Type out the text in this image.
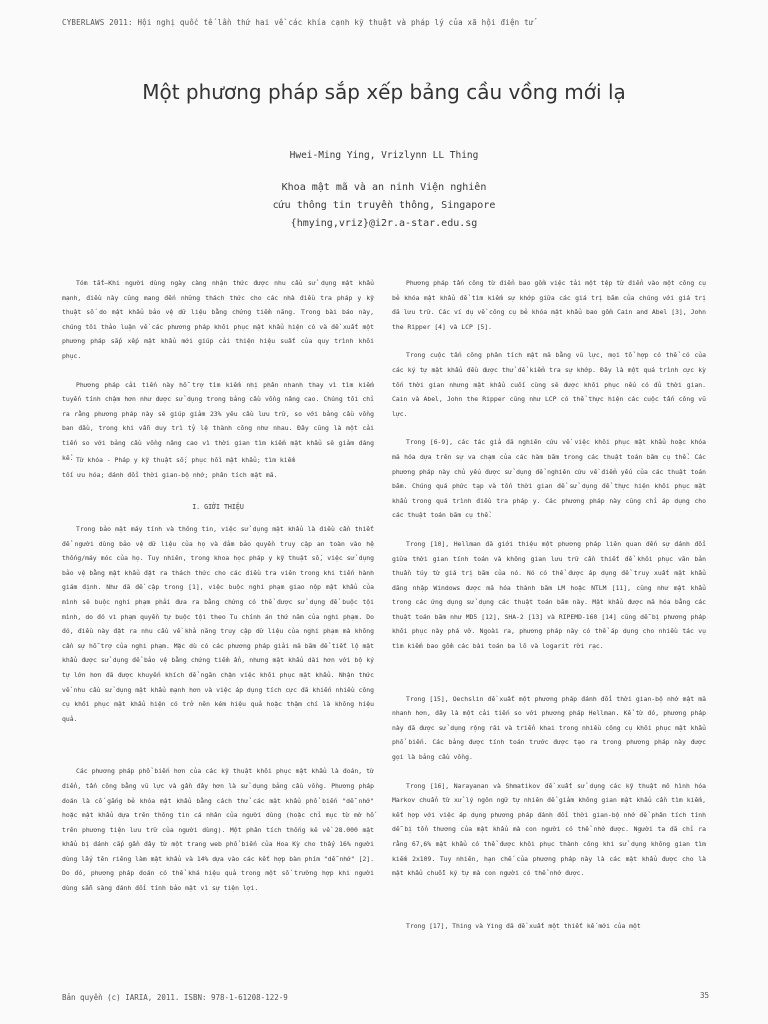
CYBERLAWS 2011: Hội nghị quốc tế lần thứ hai về các khía cạnh kỹ thuật và pháp lý của xã hội điện tử
Một phương pháp sắp xếp bảng cầu vồng mới lạ
Hwei-Ming Ying, Vrizlynn LL Thing
Khoa mật mã và an ninh Viện nghiên
cứu thông tin truyền thông, Singapore
{hmying,vriz}@i2r.a-star.edu.sg

Tóm tắt—Khi người dùng ngày càng nhận thức được nhu cầu sử dụng mật khẩu mạnh, điều này cũng mang đến những thách thức cho các nhà điều tra pháp y kỹ thuật số do mật khẩu bảo vệ dữ liệu bằng chứng tiềm năng. Trong bài báo này, chúng tôi thảo luận về các phương pháp khôi phục mật khẩu hiện có và đề xuất một phương pháp sắp xếp mật khẩu mới giúp cải thiện hiệu suất của quy trình khôi phục.

Phương pháp cải tiến này hỗ trợ tìm kiếm nhị phân nhanh thay vì tìm kiếm tuyến tính chậm hơn như được sử dụng trong bảng cầu vồng nâng cao. Chúng tôi chỉ ra rằng phương pháp này sẽ giúp giảm 23% yêu cầu lưu trữ, so với bảng cầu vồng ban đầu, trong khi vẫn duy trì tỷ lệ thành công như nhau. Đây cũng là một cải tiến so với bảng cầu vồng nâng cao vì thời gian tìm kiếm mật khẩu sẽ giảm đáng kể. Từ khóa - Pháp y kỹ thuật số; phục hồi mật khẩu; tìm kiếm

tối ưu hóa; đánh đổi thời gian-bộ nhớ; phân tích mật mã.

I. GIỚI THIỆU

Trong bảo mật máy tính và thông tin, việc sử dụng mật khẩu là điều cần thiết để người dùng bảo vệ dữ liệu của họ và đảm bảo quyền truy cập an toàn vào hệ thống/máy móc của họ. Tuy nhiên, trong khoa học pháp y kỹ thuật số, việc sử dụng bảo vệ bằng mật khẩu đặt ra thách thức cho các điều tra viên trong khi tiến hành giám định. Như đã đề cập trong [1], việc buộc nghi phạm giao nộp mật khẩu của mình sẽ buộc nghi phạm phải đưa ra bằng chứng có thể được sử dụng để buộc tội mình, do đó vi phạm quyền tự buộc tội theo Tu chính án thứ năm của nghi phạm. Do đó, điều này đặt ra nhu cầu về khả năng truy cập dữ liệu của nghi phạm mà không cần sự hỗ trợ của nghi phạm. Mặc dù có các phương pháp giải mã băm để tiết lộ mật khẩu được sử dụng để bảo vệ bằng chứng tiềm ẩn, nhưng mật khẩu dài hơn với bộ ký tự lớn hơn đã được khuyến khích để ngăn chặn việc khôi phục mật khẩu. Nhận thức về nhu cầu sử dụng mật khẩu mạnh hơn và việc áp dụng tích cực đã khiến nhiều công cụ khôi phục mật khẩu hiện có trở nên kém hiệu quả hoặc thậm chí là không hiệu quả.

Các phương pháp phổ biến hơn của các kỹ thuật khôi phục mật khẩu là đoán, từ điển, tấn công bằng vũ lực và gần đây hơn là sử dụng bảng cầu vồng. Phương pháp đoán là cố gắng bẻ khóa mật khẩu bằng cách thử các mật khẩu phổ biến "dễ nhớ" hoặc mật khẩu dựa trên thông tin cá nhân của người dùng (hoặc chỉ mục từ mờ hồ trên phương tiện lưu trữ của người dùng). Một phân tích thống kê về 28.000 mật khẩu bị đánh cắp gần đây từ một trang web phổ biến của Hoa Kỳ cho thấy 16% người dùng lấy tên riêng làm mật khẩu và 14% dựa vào các kết hợp bàn phím "dễ nhớ" [2]. Do đó, phương pháp đoán có thể khá hiệu quả trong một số trường hợp khi người dùng sẵn sàng đánh đổi tính bảo mật vì sự tiện lợi.

Phương pháp tấn công từ điển bao gồm việc tải một tệp từ điển vào một công cụ bẻ khóa mật khẩu để tìm kiếm sự khớp giữa các giá trị băm của chúng với giá trị đã lưu trữ. Các ví dụ về công cụ bẻ khóa mật khẩu bao gồm Cain and Abel [3], John the Ripper [4] và LCP [5].

Trong cuộc tấn công phân tích mật mã bằng vũ lực, mọi tổ hợp có thể có của các ký tự mật khẩu đều được thử để kiểm tra sự khớp. Đây là một quá trình cực kỳ tốn thời gian nhưng mật khẩu cuối cùng sẽ được khôi phục nếu có đủ thời gian. Cain và Abel, John the Ripper cũng như LCP có thể thực hiện các cuộc tấn công vũ lực.

Trong [6-9], các tác giả đã nghiên cứu về việc khôi phục mật khẩu hoặc khóa mã hóa dựa trên sự va chạm của các hàm băm trong các thuật toán băm cụ thể. Các phương pháp này chủ yếu được sử dụng để nghiên cứu về điểm yếu của các thuật toán băm. Chúng quá phức tạp và tốn thời gian để sử dụng để thực hiện khôi phục mật khẩu trong quá trình điều tra pháp y. Các phương pháp này cũng chỉ áp dụng cho các thuật toán băm cụ thể.

Trong [10], Hellman đã giới thiệu một phương pháp liên quan đến sự đánh đổi giữa thời gian tính toán và không gian lưu trữ cần thiết để khôi phục văn bản thuần túy từ giá trị băm của nó. Nó có thể được áp dụng để truy xuất mật khẩu đăng nhập Windows được mã hóa thành băm LM hoặc NTLM [11], cũng như mật khẩu trong các ứng dụng sử dụng các thuật toán băm này. Mật khẩu được mã hóa bằng các thuật toán băm như MD5 [12], SHA-2 [13] và RIPEMD-160 [14] cũng dễ bị phương pháp khôi phục này phá vỡ. Ngoài ra, phương pháp này có thể áp dụng cho nhiều tác vụ tìm kiếm bao gồm các bài toán ba lô và logarit rời rạc.

Trong [15], Oechslin đề xuất một phương pháp đánh đổi thời gian-bộ nhớ mật mã nhanh hơn, đây là một cải tiến so với phương pháp Hellman. Kể từ đó, phương pháp này đã được sử dụng rộng rãi và triển khai trong nhiều công cụ khôi phục mật khẩu phổ biến. Các bảng được tính toán trước được tạo ra trong phương pháp này được gọi là bảng cầu vồng.

Trong [16], Narayanan và Shmatikov đề xuất sử dụng các kỹ thuật mô hình hóa Markov chuẩn từ xử lý ngôn ngữ tự nhiên để giảm không gian mật khẩu cần tìm kiếm, kết hợp với việc áp dụng phương pháp đánh đổi thời gian-bộ nhớ để phân tích tính dễ bị tổn thương của mật khẩu mà con người có thể nhớ được. Người ta đã chỉ ra rằng 67,6% mật khẩu có thể được khôi phục thành công khi sử dụng không gian tìm kiếm 2x109. Tuy nhiên, hạn chế của phương pháp này là các mật khẩu được cho là mật khẩu chuỗi ký tự mà con người có thể nhớ được.

Trong [17], Thing và Ying đã đề xuất một thiết kế mới của một

Bản quyền (c) IARIA, 2011. ISBN: 978-1-61208-122-9	35
